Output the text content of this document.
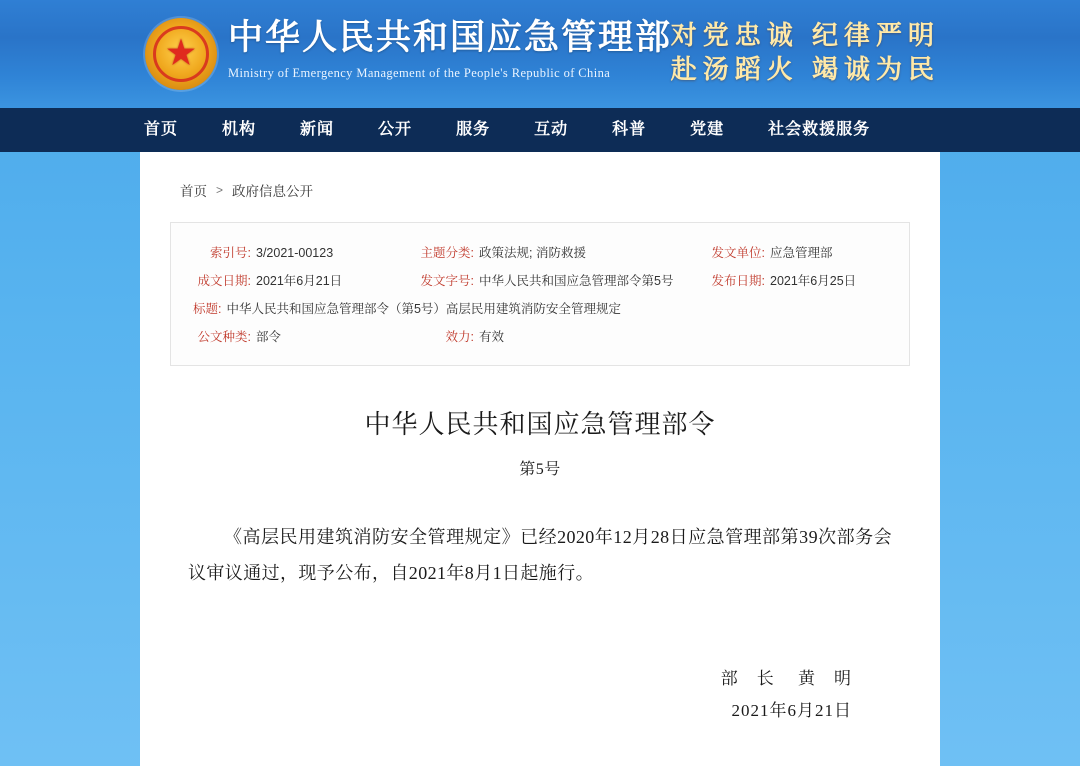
★ 中华人民共和国应急管理部
Ministry of Emergency Management of the People's Republic of China
对党忠诚 纪律严明
赴汤蹈火 竭诚为民
首页	机构	新闻	公开	服务	互动	科普	党建	社会救援服务
首页 > 政府信息公开
索引号: 3/2021-00123	主题分类: 政策法规; 消防救援	发文单位: 应急管理部
成文日期: 2021年6月21日	发文字号: 中华人民共和国应急管理部令第5号	发布日期: 2021年6月25日
标题: 中华人民共和国应急管理部令（第5号）高层民用建筑消防安全管理规定
公文种类: 部令	效力: 有效
中华人民共和国应急管理部令
第5号

《高层民用建筑消防安全管理规定》已经2020年12月28日应急管理部第39次部务会议审议通过，现予公布，自2021年8月1日起施行。

部　长 黄　明
2021年6月21日
